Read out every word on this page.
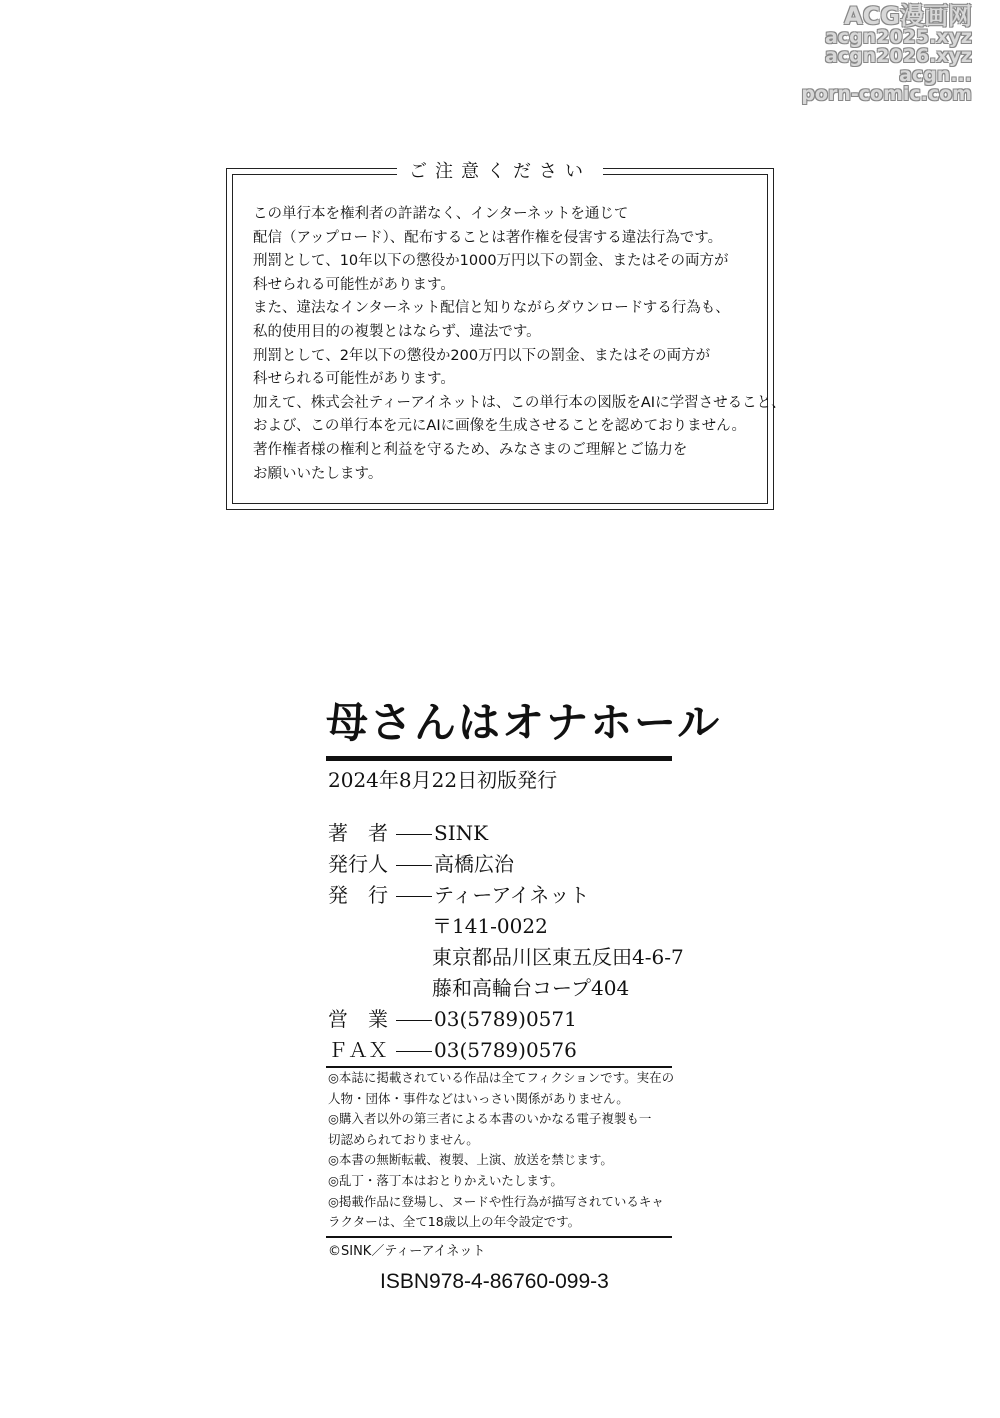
ACG漫画网
acgn2025.xyz
acgn2026.xyz
acgn...
porn-comic.com
ご注意ください
この単行本を権利者の許諾なく、インターネットを通じて
配信（アップロード）、配布することは著作権を侵害する違法行為です。
刑罰として、10年以下の懲役か1000万円以下の罰金、またはその両方が
科せられる可能性があります。
また、違法なインターネット配信と知りながらダウンロードする行為も、
私的使用目的の複製とはならず、違法です。
刑罰として、2年以下の懲役か200万円以下の罰金、またはその両方が
科せられる可能性があります。
加えて、株式会社ティーアイネットは、この単行本の図版をAIに学習させること、
および、この単行本を元にAIに画像を生成させることを認めておりません。
著作権者様の権利と利益を守るため、みなさまのご理解とご協力を
お願いいたします。
母さんはオナホール
2024年8月22日初版発行
著　者 SINK
発行人 高橋広治
発　行 ティーアイネット
〒141-0022
東京都品川区東五反田4-6-7
藤和高輪台コープ404
営　業 03(5789)0571
ＦＡＸ 03(5789)0576
◎本誌に掲載されている作品は全てフィクションです。実在の
人物・団体・事件などはいっさい関係がありません。
◎購入者以外の第三者による本書のいかなる電子複製も一
切認められておりません。
◎本書の無断転載、複製、上演、放送を禁じます。
◎乱丁・落丁本はおとりかえいたします。
◎掲載作品に登場し、ヌードや性行為が描写されているキャ
ラクターは、全て18歳以上の年令設定です。
©SINK／ティーアイネット
ISBN978-4-86760-099-3
